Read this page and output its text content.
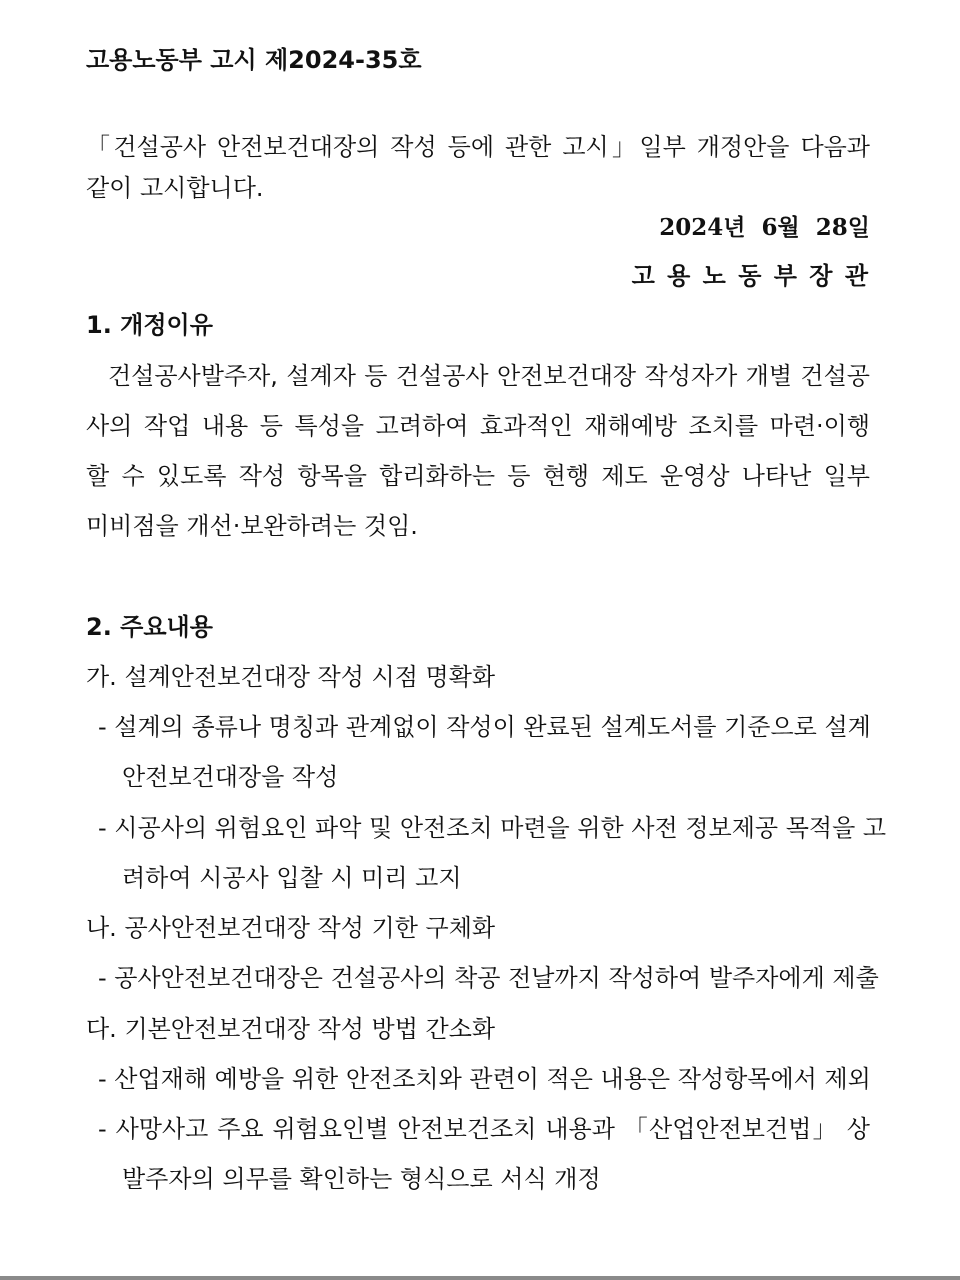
고용노동부 고시 제2024-35호
「건설공사 안전보건대장의 작성 등에 관한 고시」일부 개정안을 다음과
같이 고시합니다.
2024년  6월  28일
고 용 노 동 부 장 관
1. 개정이유
건설공사발주자, 설계자 등 건설공사 안전보건대장 작성자가 개별 건설공
사의 작업 내용 등 특성을 고려하여 효과적인 재해예방 조치를 마련·이행
할 수 있도록 작성 항목을 합리화하는 등 현행 제도 운영상 나타난 일부
미비점을 개선·보완하려는 것임.
2. 주요내용
가. 설계안전보건대장 작성 시점 명확화
- 설계의 종류나 명칭과 관계없이 작성이 완료된 설계도서를 기준으로 설계
안전보건대장을 작성
- 시공사의 위험요인 파악 및 안전조치 마련을 위한 사전 정보제공 목적을 고
려하여 시공사 입찰 시 미리 고지
나. 공사안전보건대장 작성 기한 구체화
- 공사안전보건대장은 건설공사의 착공 전날까지 작성하여 발주자에게 제출
다. 기본안전보건대장 작성 방법 간소화
- 산업재해 예방을 위한 안전조치와 관련이 적은 내용은 작성항목에서 제외
- 사망사고 주요 위험요인별 안전보건조치 내용과 「산업안전보건법」 상
발주자의 의무를 확인하는 형식으로 서식 개정
